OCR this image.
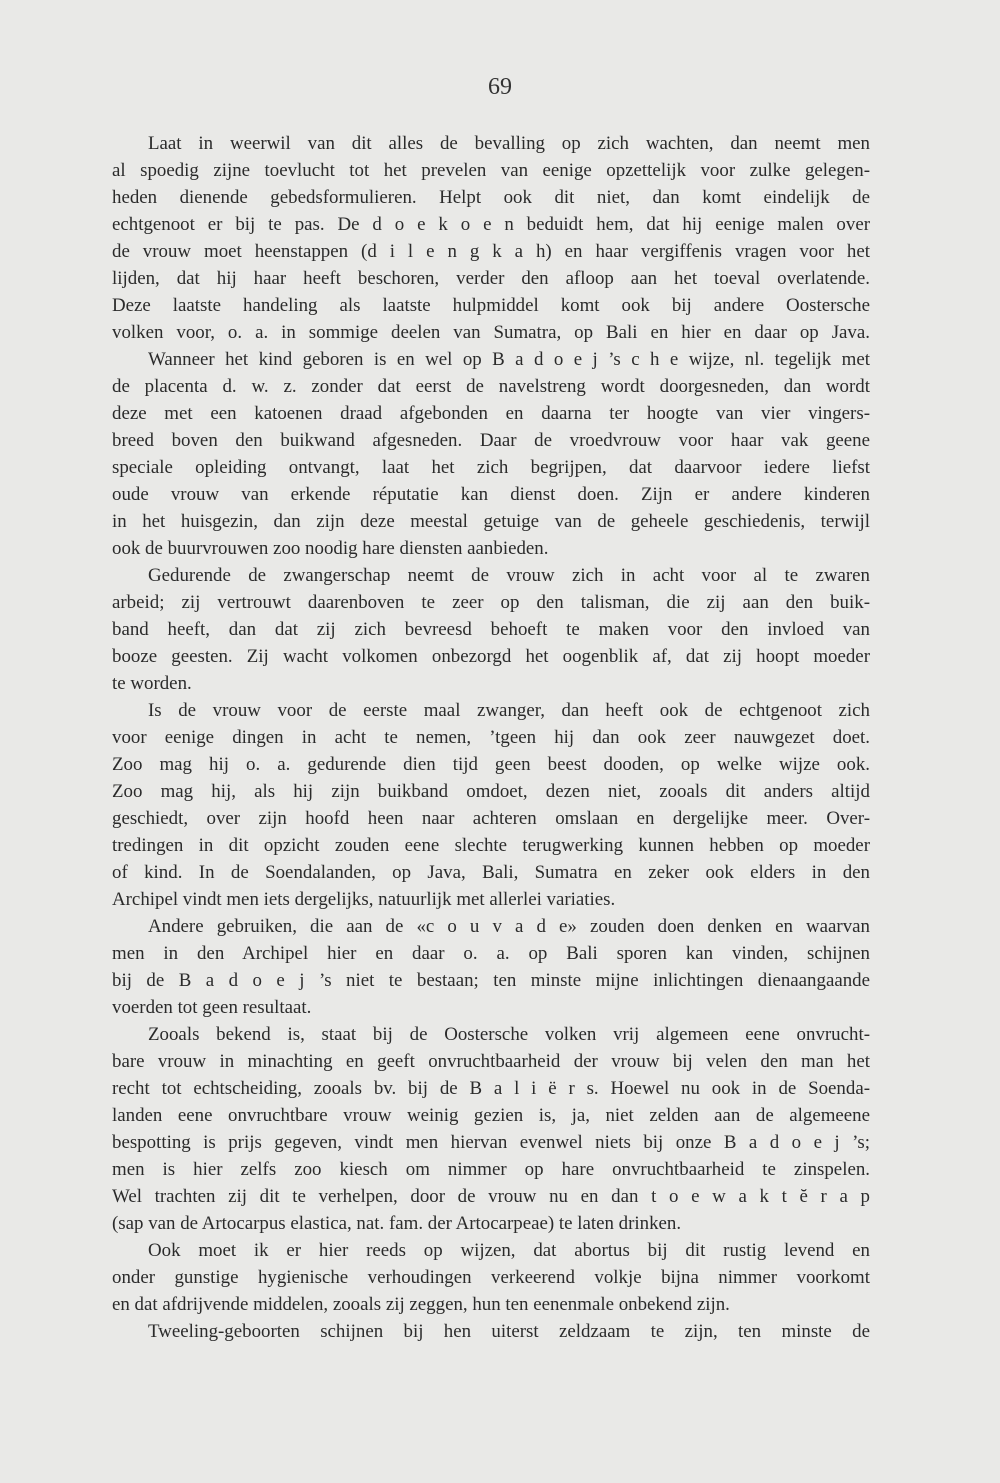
69
Laat in weerwil van dit alles de bevalling op zich wachten, dan neemt men
al spoedig zijne toevlucht tot het prevelen van eenige opzettelijk voor zulke gelegen-
heden dienende gebedsformulieren. Helpt ook dit niet, dan komt eindelijk de
echtgenoot er bij te pas. De d o e k o e n beduidt hem, dat hij eenige malen over
de vrouw moet heenstappen (d i l e n g k a h) en haar vergiffenis vragen voor het
lijden, dat hij haar heeft beschoren, verder den afloop aan het toeval overlatende.
Deze laatste handeling als laatste hulpmiddel komt ook bij andere Oostersche
volken voor, o. a. in sommige deelen van Sumatra, op Bali en hier en daar op Java.
Wanneer het kind geboren is en wel op B a d o e j ’s c h e wijze, nl. tegelijk met
de placenta d. w. z. zonder dat eerst de navelstreng wordt doorgesneden, dan wordt
deze met een katoenen draad afgebonden en daarna ter hoogte van vier vingers-
breed boven den buikwand afgesneden. Daar de vroedvrouw voor haar vak geene
speciale opleiding ontvangt, laat het zich begrijpen, dat daarvoor iedere liefst
oude vrouw van erkende réputatie kan dienst doen. Zijn er andere kinderen
in het huisgezin, dan zijn deze meestal getuige van de geheele geschiedenis, terwijl
ook de buurvrouwen zoo noodig hare diensten aanbieden.
Gedurende de zwangerschap neemt de vrouw zich in acht voor al te zwaren
arbeid; zij vertrouwt daarenboven te zeer op den talisman, die zij aan den buik-
band heeft, dan dat zij zich bevreesd behoeft te maken voor den invloed van
booze geesten. Zij wacht volkomen onbezorgd het oogenblik af, dat zij hoopt moeder
te worden.
Is de vrouw voor de eerste maal zwanger, dan heeft ook de echtgenoot zich
voor eenige dingen in acht te nemen, ’tgeen hij dan ook zeer nauwgezet doet.
Zoo mag hij o. a. gedurende dien tijd geen beest dooden, op welke wijze ook.
Zoo mag hij, als hij zijn buikband omdoet, dezen niet, zooals dit anders altijd
geschiedt, over zijn hoofd heen naar achteren omslaan en dergelijke meer. Over-
tredingen in dit opzicht zouden eene slechte terugwerking kunnen hebben op moeder
of kind. In de Soendalanden, op Java, Bali, Sumatra en zeker ook elders in den
Archipel vindt men iets dergelijks, natuurlijk met allerlei variaties.
Andere gebruiken, die aan de «c o u v a d e» zouden doen denken en waarvan
men in den Archipel hier en daar o. a. op Bali sporen kan vinden, schijnen
bij de B a d o e j ’s niet te bestaan; ten minste mijne inlichtingen dienaangaande
voerden tot geen resultaat.
Zooals bekend is, staat bij de Oostersche volken vrij algemeen eene onvrucht-
bare vrouw in minachting en geeft onvruchtbaarheid der vrouw bij velen den man het
recht tot echtscheiding, zooals bv. bij de B a l i ë r s. Hoewel nu ook in de Soenda-
landen eene onvruchtbare vrouw weinig gezien is, ja, niet zelden aan de algemeene
bespotting is prijs gegeven, vindt men hiervan evenwel niets bij onze B a d o e j ’s;
men is hier zelfs zoo kiesch om nimmer op hare onvruchtbaarheid te zinspelen.
Wel trachten zij dit te verhelpen, door de vrouw nu en dan t o e w a k t ĕ r a p
(sap van de Artocarpus elastica, nat. fam. der Artocarpeae) te laten drinken.
Ook moet ik er hier reeds op wijzen, dat abortus bij dit rustig levend en
onder gunstige hygienische verhoudingen verkeerend volkje bijna nimmer voorkomt
en dat afdrijvende middelen, zooals zij zeggen, hun ten eenenmale onbekend zijn.
Tweeling-geboorten schijnen bij hen uiterst zeldzaam te zijn, ten minste de
